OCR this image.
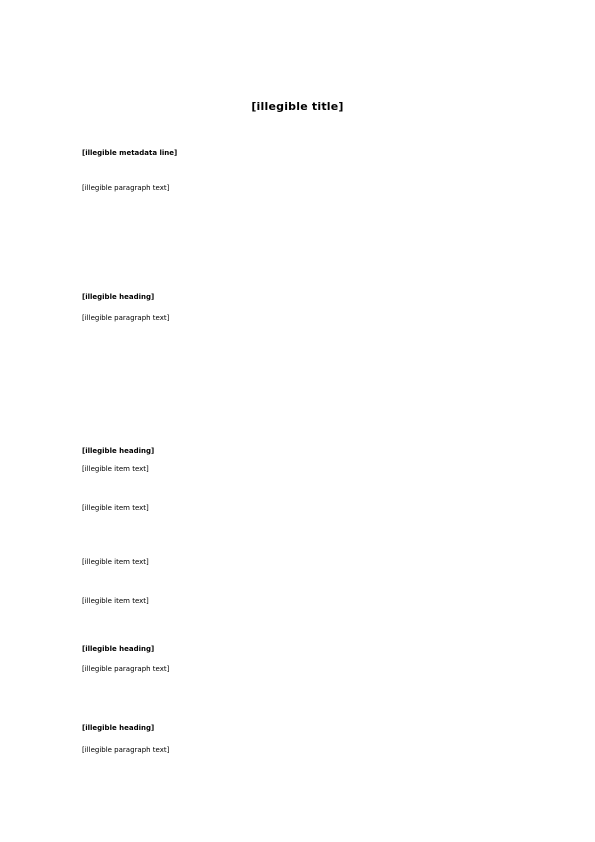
[illegible title]
[illegible metadata line]
[illegible paragraph text]
[illegible heading]
[illegible paragraph text]
[illegible heading]
[illegible item text]
[illegible item text]
[illegible item text]
[illegible item text]
[illegible heading]
[illegible paragraph text]
[illegible heading]
[illegible paragraph text]
